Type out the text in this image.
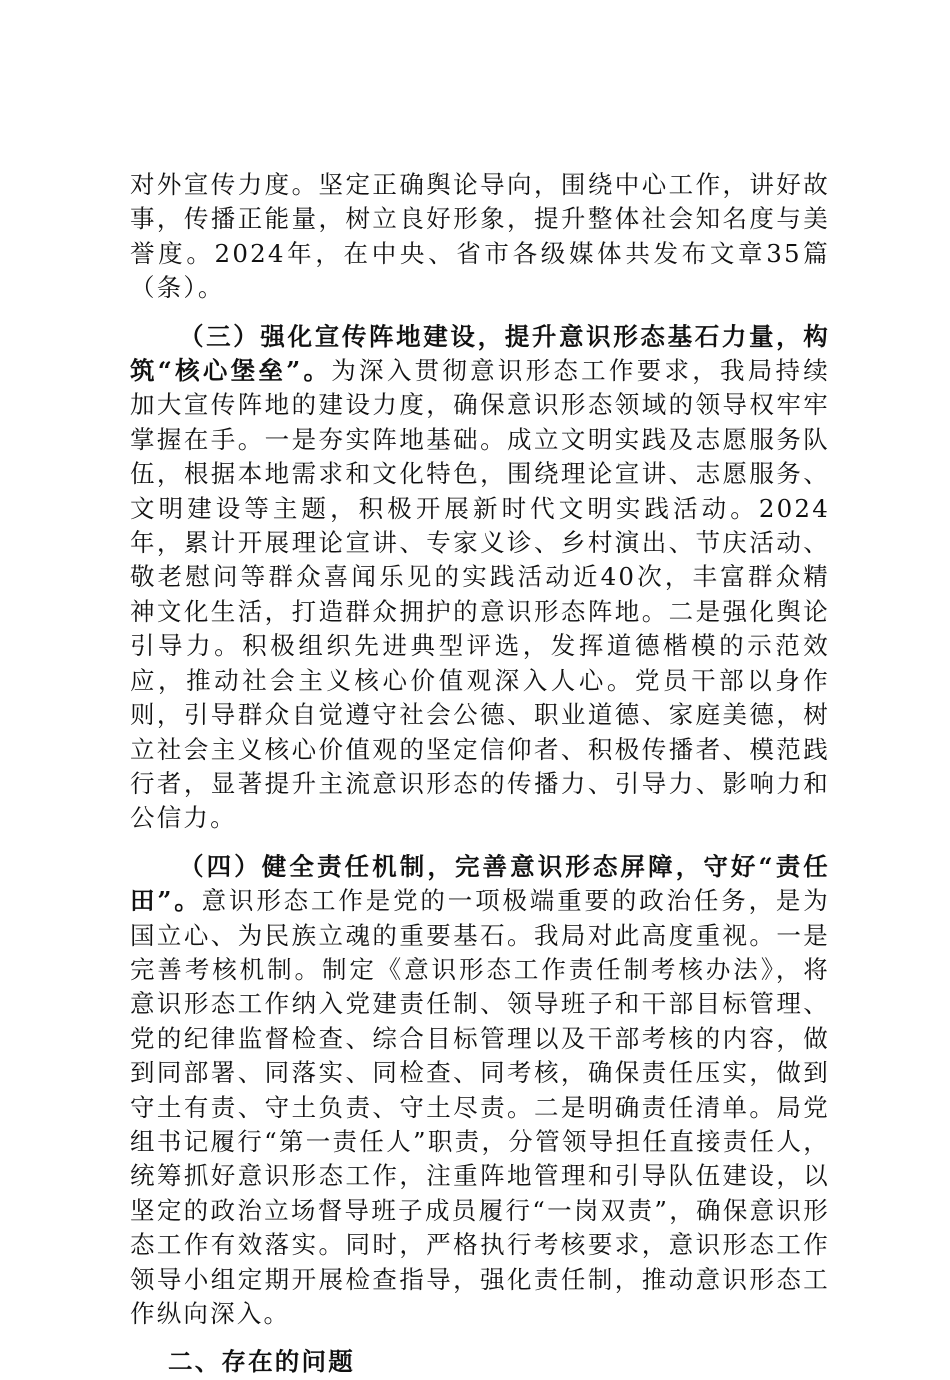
对外宣传力度。坚定正确舆论导向，围绕中心工作，讲好故事，传播正能量，树立良好形象，提升整体社会知名度与美誉度。2024年，在中央、省市各级媒体共发布文章35篇（条）。

（三）强化宣传阵地建设，提升意识形态基石力量，构筑“核心堡垒”。为深入贯彻意识形态工作要求，我局持续加大宣传阵地的建设力度，确保意识形态领域的领导权牢牢掌握在手。一是夯实阵地基础。成立文明实践及志愿服务队伍，根据本地需求和文化特色，围绕理论宣讲、志愿服务、文明建设等主题，积极开展新时代文明实践活动。2024年，累计开展理论宣讲、专家义诊、乡村演出、节庆活动、敬老慰问等群众喜闻乐见的实践活动近40次，丰富群众精神文化生活，打造群众拥护的意识形态阵地。二是强化舆论引导力。积极组织先进典型评选，发挥道德楷模的示范效应，推动社会主义核心价值观深入人心。党员干部以身作则，引导群众自觉遵守社会公德、职业道德、家庭美德，树立社会主义核心价值观的坚定信仰者、积极传播者、模范践行者，显著提升主流意识形态的传播力、引导力、影响力和公信力。

（四）健全责任机制，完善意识形态屏障，守好“责任田”。意识形态工作是党的一项极端重要的政治任务，是为国立心、为民族立魂的重要基石。我局对此高度重视。一是完善考核机制。制定《意识形态工作责任制考核办法》，将意识形态工作纳入党建责任制、领导班子和干部目标管理、党的纪律监督检查、综合目标管理以及干部考核的内容，做到同部署、同落实、同检查、同考核，确保责任压实，做到守土有责、守土负责、守土尽责。二是明确责任清单。局党组书记履行“第一责任人”职责，分管领导担任直接责任人，统筹抓好意识形态工作，注重阵地管理和引导队伍建设，以坚定的政治立场督导班子成员履行“一岗双责”，确保意识形态工作有效落实。同时，严格执行考核要求，意识形态工作领导小组定期开展检查指导，强化责任制，推动意识形态工作纵向深入。

二、存在的问题
